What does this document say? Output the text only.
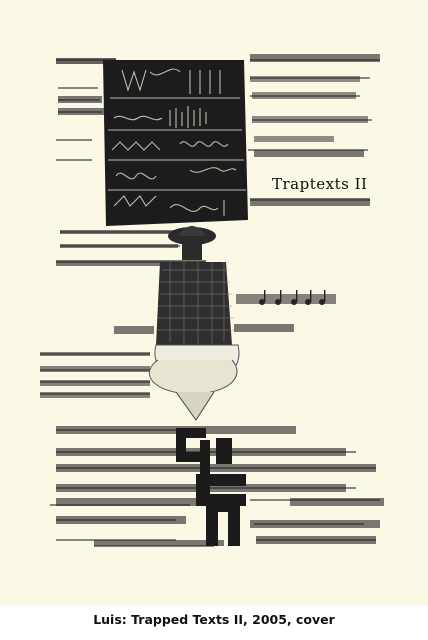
Traptexts II
Luis: Trapped Texts II, 2005, cover
